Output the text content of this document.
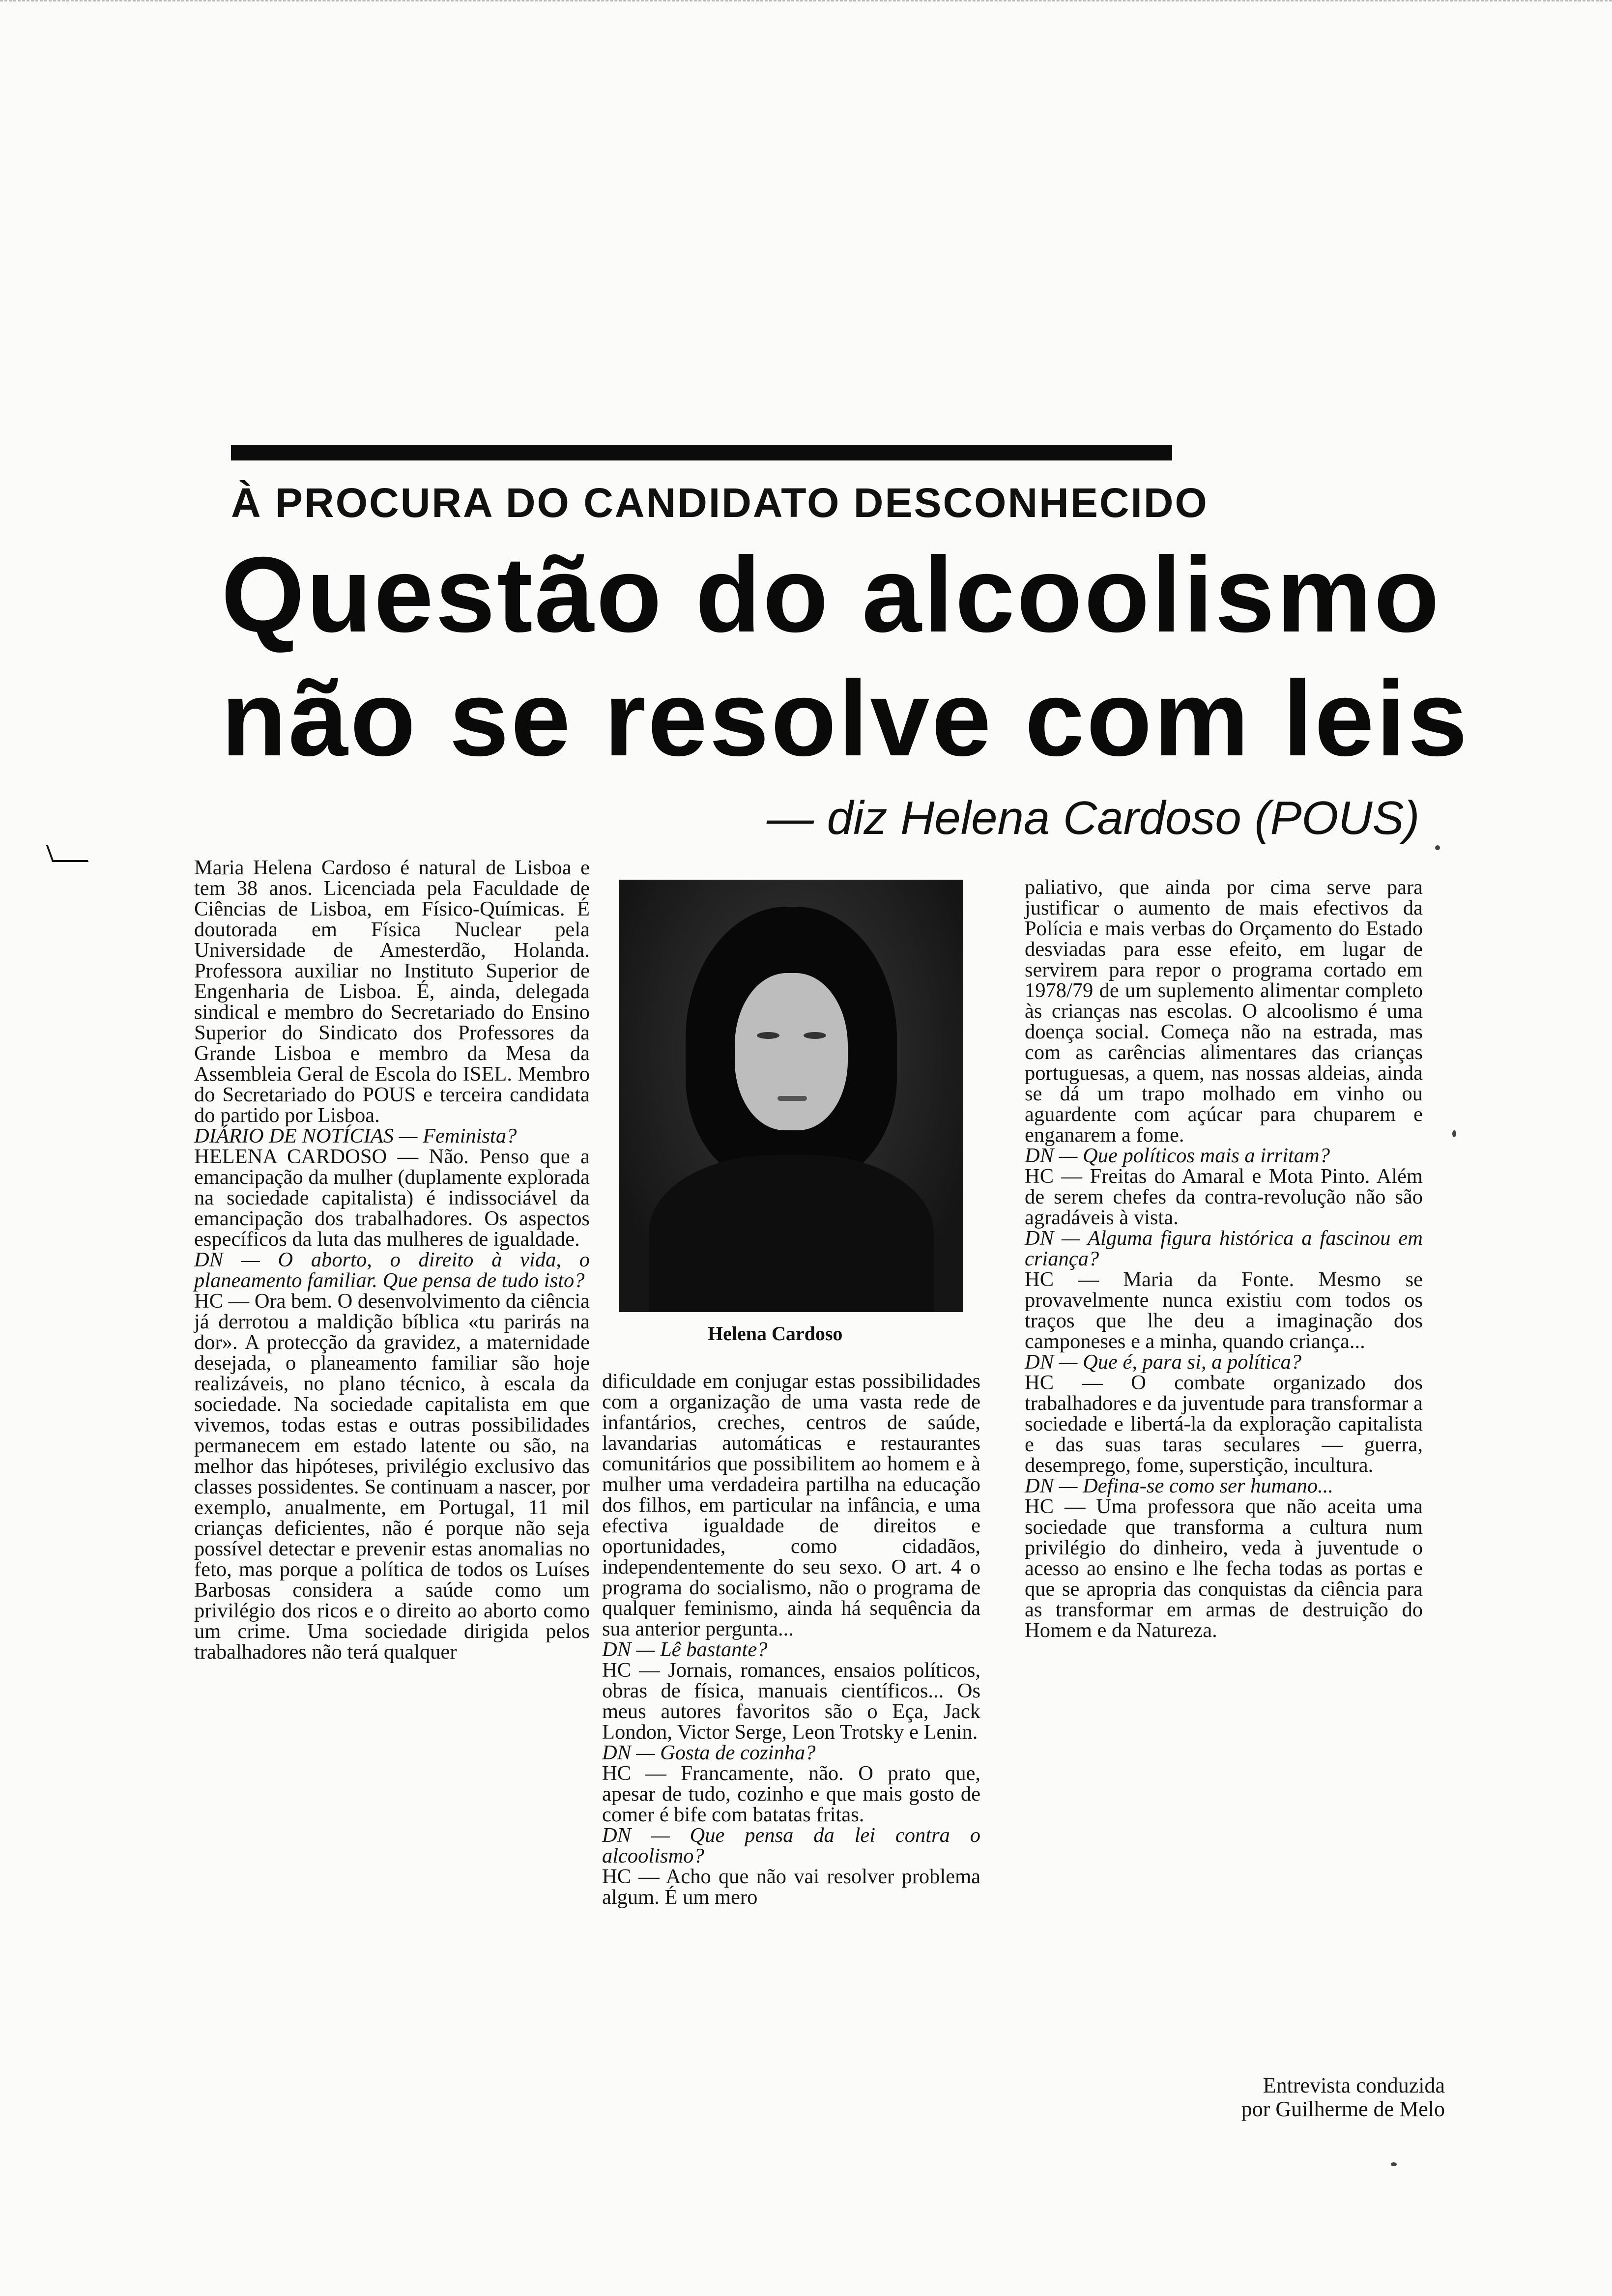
À PROCURA DO CANDIDATO DESCONHECIDO
Questão do alcoolismo
não se resolve com leis
— diz Helena Cardoso (POUS)

Maria Helena Cardoso é natural de Lisboa e tem 38 anos. Licenciada pela Faculdade de Ciências de Lisboa, em Físico-Químicas. É doutorada em Física Nuclear pela Universidade de Amesterdão, Holanda. Professora auxiliar no Instituto Superior de Engenharia de Lisboa. É, ainda, delegada sindical e membro do Secretariado do Ensino Superior do Sindicato dos Professores da Grande Lisboa e membro da Mesa da Assembleia Geral de Escola do ISEL. Membro do Secretariado do POUS e terceira candidata do partido por Lisboa.

DIÁRIO DE NOTÍCIAS — Feminista?

HELENA CARDOSO — Não. Penso que a emancipação da mulher (duplamente explorada na sociedade capitalista) é indissociável da emancipação dos trabalhadores. Os aspectos específicos da luta das mulheres de igualdade.

DN — O aborto, o direito à vida, o planeamento familiar. Que pensa de tudo isto?

HC — Ora bem. O desenvolvimento da ciência já derrotou a maldição bíblica «tu parirás na dor». A protecção da gravidez, a maternidade desejada, o planeamento familiar são hoje realizáveis, no plano técnico, à escala da sociedade. Na sociedade capitalista em que vivemos, todas estas e outras possibilidades permanecem em estado latente ou são, na melhor das hipóteses, privilégio exclusivo das classes possidentes. Se continuam a nascer, por exemplo, anualmente, em Portugal, 11 mil crianças deficientes, não é porque não seja possível detectar e prevenir estas anomalias no feto, mas porque a política de todos os Luíses Barbosas considera a saúde como um privilégio dos ricos e o direito ao aborto como um crime. Uma sociedade dirigida pelos trabalhadores não terá qualquer

Helena Cardoso

dificuldade em conjugar estas possibilidades com a organização de uma vasta rede de infantários, creches, centros de saúde, lavandarias automáticas e restaurantes comunitários que possibilitem ao homem e à mulher uma verdadeira partilha na educação dos filhos, em particular na infância, e uma efectiva igualdade de direitos e oportunidades, como cidadãos, independentemente do seu sexo. O art. 4 o programa do socialismo, não o programa de qualquer feminismo, ainda há sequência da sua anterior pergunta...

DN — Lê bastante?

HC — Jornais, romances, ensaios políticos, obras de física, manuais científicos... Os meus autores favoritos são o Eça, Jack London, Victor Serge, Leon Trotsky e Lenin.

DN — Gosta de cozinha?

HC — Francamente, não. O prato que, apesar de tudo, cozinho e que mais gosto de comer é bife com batatas fritas.

DN — Que pensa da lei contra o alcoolismo?

HC — Acho que não vai resolver problema algum. É um mero

paliativo, que ainda por cima serve para justificar o aumento de mais efectivos da Polícia e mais verbas do Orçamento do Estado desviadas para esse efeito, em lugar de servirem para repor o programa cortado em 1978/79 de um suplemento alimentar completo às crianças nas escolas. O alcoolismo é uma doença social. Começa não na estrada, mas com as carências alimentares das crianças portuguesas, a quem, nas nossas aldeias, ainda se dá um trapo molhado em vinho ou aguardente com açúcar para chuparem e enganarem a fome.

DN — Que políticos mais a irritam?

HC — Freitas do Amaral e Mota Pinto. Além de serem chefes da contra-revolução não são agradáveis à vista.

DN — Alguma figura histórica a fascinou em criança?

HC — Maria da Fonte. Mesmo se provavelmente nunca existiu com todos os traços que lhe deu a imaginação dos camponeses e a minha, quando criança...

DN — Que é, para si, a política?

HC — O combate organizado dos trabalhadores e da juventude para transformar a sociedade e libertá-la da exploração capitalista e das suas taras seculares — guerra, desemprego, fome, superstição, incultura.

DN — Defina-se como ser humano...

HC — Uma professora que não aceita uma sociedade que transforma a cultura num privilégio do dinheiro, veda à juventude o acesso ao ensino e lhe fecha todas as portas e que se apropria das conquistas da ciência para as transformar em armas de destruição do Homem e da Natureza.

Entrevista conduzida
por Guilherme de Melo
